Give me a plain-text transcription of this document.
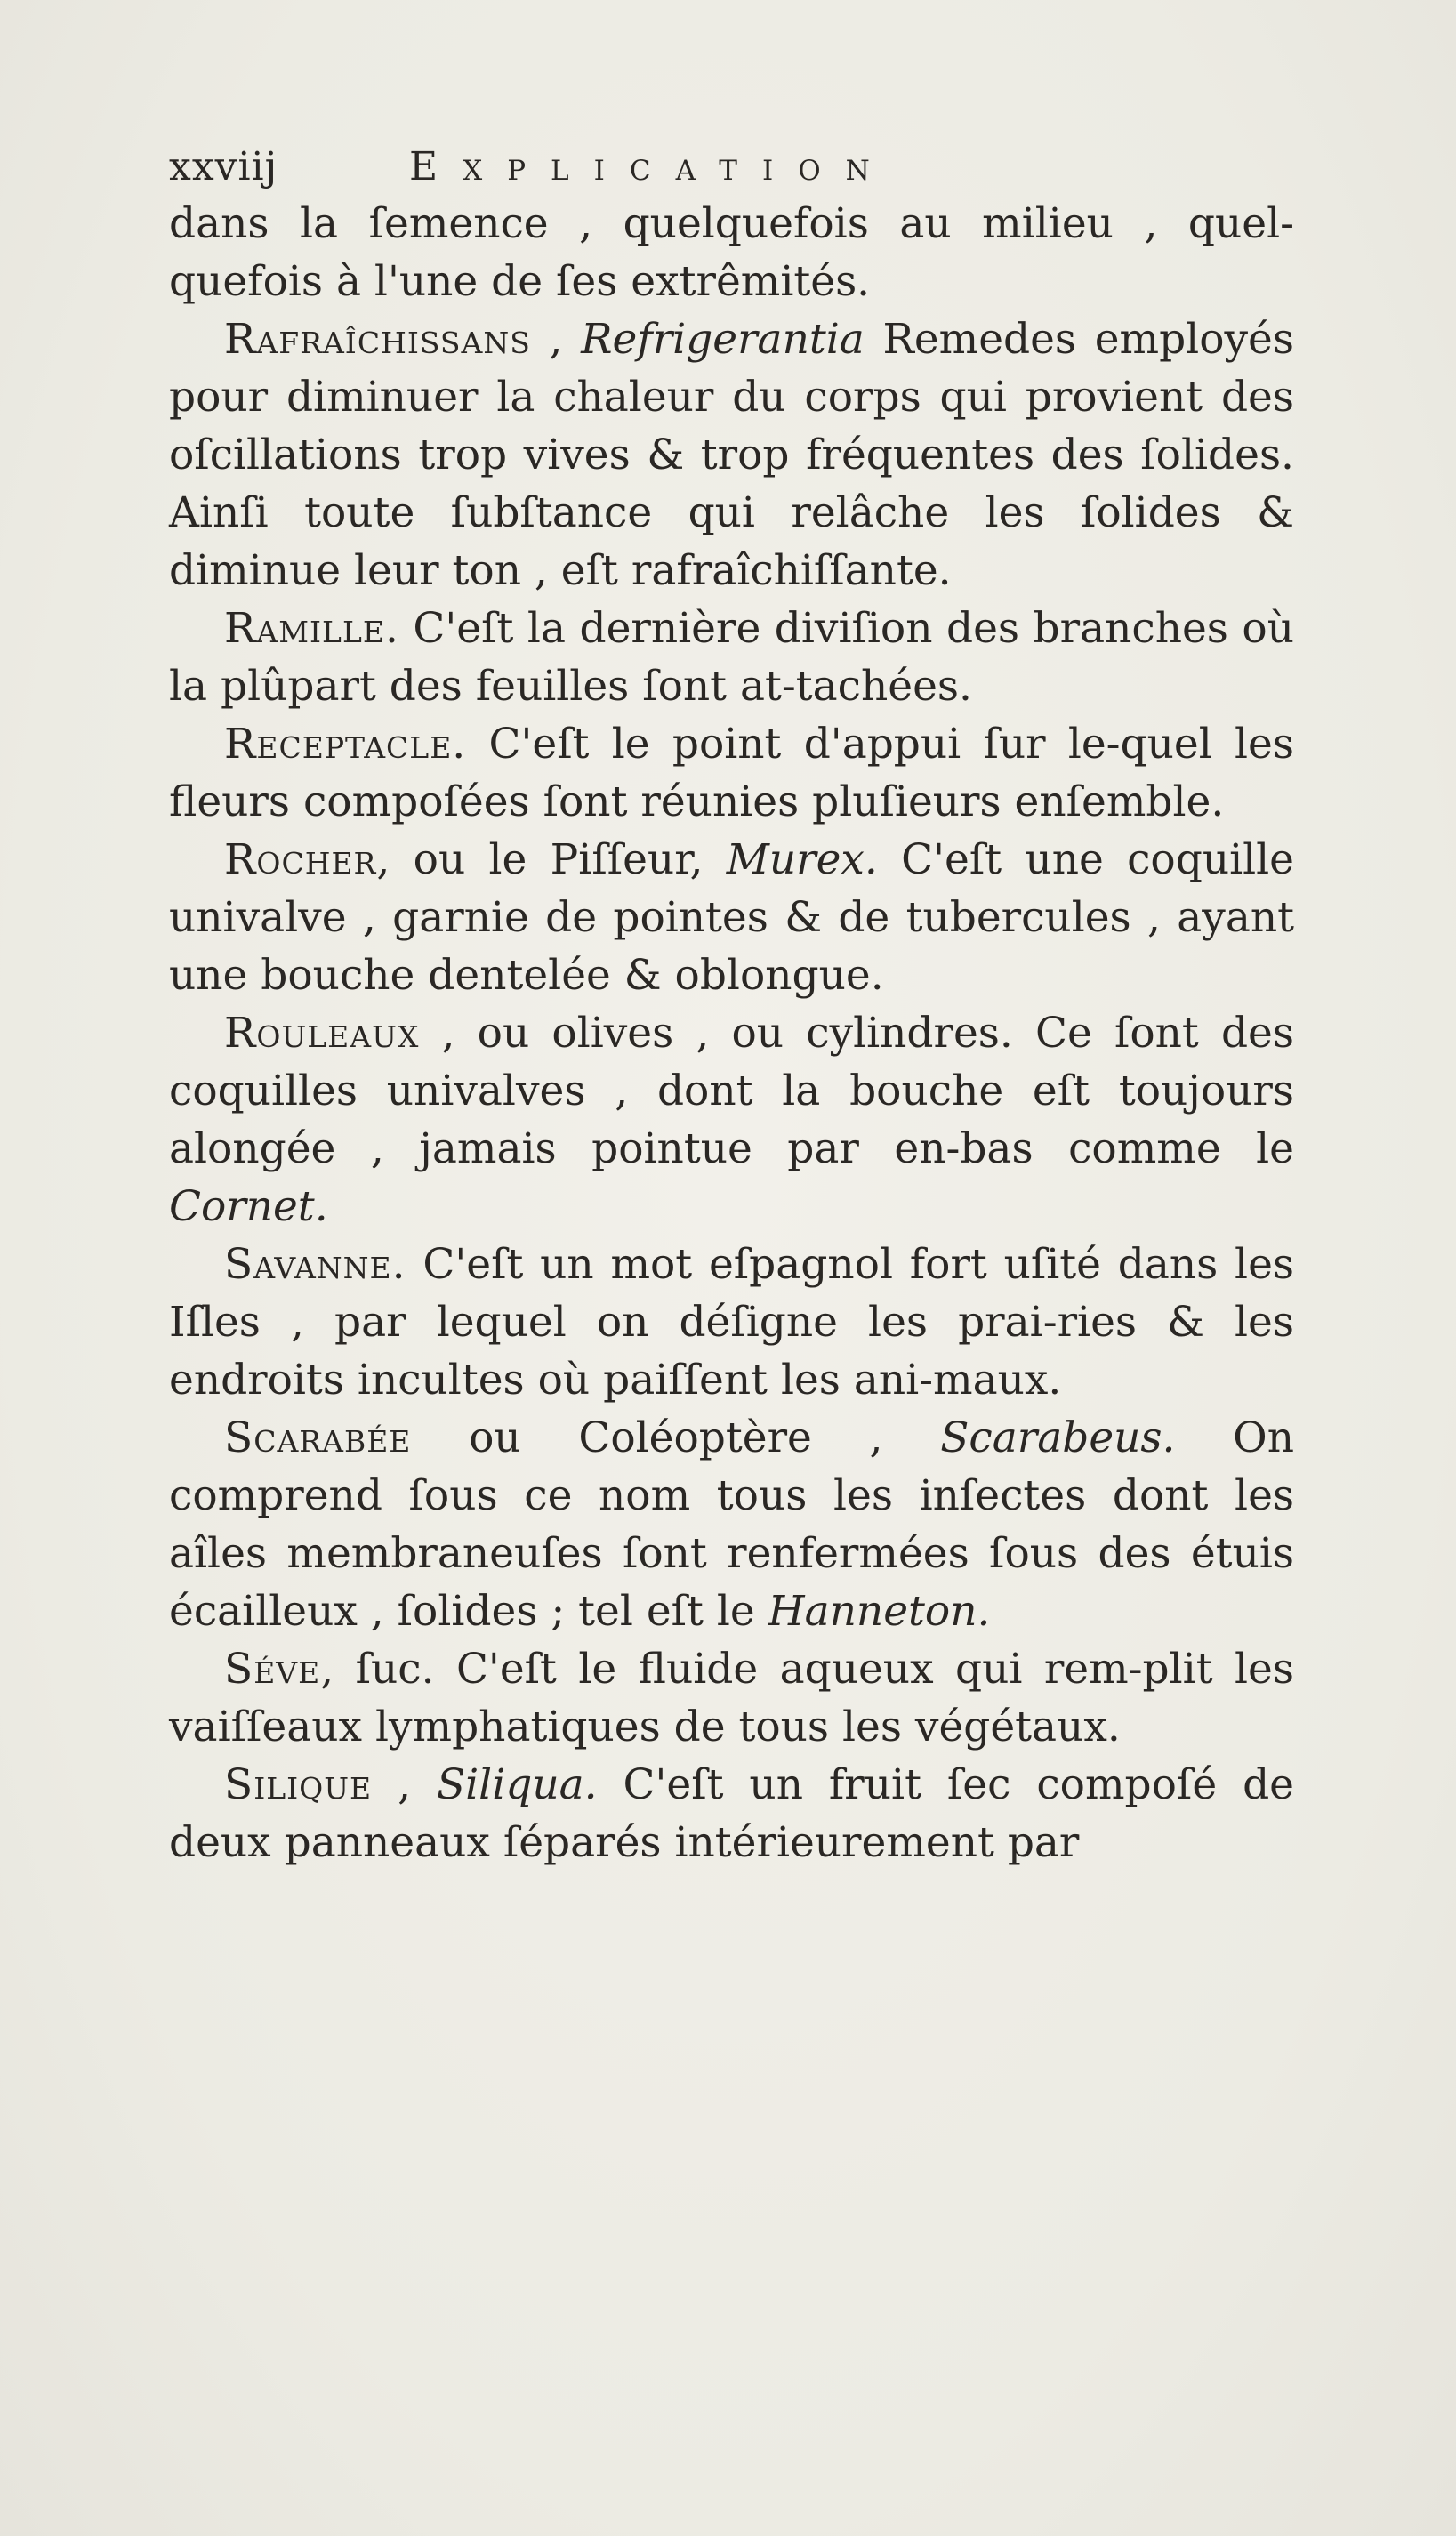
xxviij	Explication

dans la ſemence , quelquefois au milieu , quel-quefois à l'une de ſes extrêmités.

Rafraîchissans , Refrigerantia Remedes employés pour diminuer la chaleur du corps qui provient des oſcillations trop vives & trop fréquentes des ſolides. Ainſi toute ſubſtance qui relâche les ſolides & diminue leur ton , eſt rafraîchiſſante.

Ramille. C'eſt la dernière diviſion des branches où la plûpart des feuilles ſont at-tachées.

Receptacle. C'eſt le point d'appui ſur le-quel les fleurs compoſées ſont réunies pluſieurs enſemble.

Rocher, ou le Piſſeur, Murex. C'eſt une coquille univalve , garnie de pointes & de tubercules , ayant une bouche dentelée & oblongue.

Rouleaux , ou olives , ou cylindres. Ce ſont des coquilles univalves , dont la bouche eſt toujours alongée , jamais pointue par en-bas comme le Cornet.

Savanne. C'eſt un mot eſpagnol fort uſité dans les Iſles , par lequel on déſigne les prai-ries & les endroits incultes où paiſſent les ani-maux.

Scarabée ou Coléoptère , Scarabeus. On comprend ſous ce nom tous les inſectes dont les aîles membraneuſes ſont renfermées ſous des étuis écailleux , ſolides ; tel eſt le Hanneton.

Séve, ſuc. C'eſt le fluide aqueux qui rem-plit les vaiſſeaux lymphatiques de tous les végétaux.

Silique , Siliqua. C'eſt un fruit ſec compoſé de deux panneaux ſéparés intérieurement par
